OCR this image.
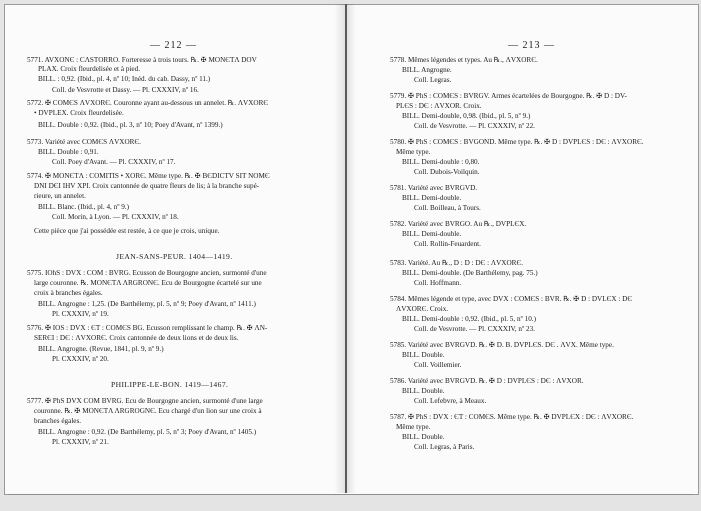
— 212 —
5771. AVXONЄ : CΛSTORRO. Forteresse à trois tours. ℞. ✠ MONЄTΛ DOV
PLAX. Croix fleurdelisée et à pied.
BILL. : 0,92. (Ibid., pl. 4, nº 10; Inéd. du cab. Dassy, nº 11.)
Coll. de Vesvrotte et Dassy. — Pl. CXXXIV, nº 16.
5772. ✠ COMЄS ΛVXORЄ. Couronne ayant au-dessous un annelet. ℞. ΛVXORЄ
• DVPLEX. Croix fleurdelisée.
BILL. Double : 0,92. (Ibid., pl. 3, nº 10; Poey d'Avant, nº 1399.)
5773. Variété avec COMЄS ΛVXORЄ.
BILL. Double : 0,91.
Coll. Poey d'Avant. — Pl. CXXXIV, nº 17.
5774. ✠ MONЄTΛ : COMITIS • XORЄ. Même type. ℞. ✠ BЄDICTV SIT NOMЄ
DNI DЄI IHV XPI. Croix cantonnée de quatre fleurs de lis; à la branche supé-
rieure, un annelet.
BILL. Blanc. (Ibid., pl. 4, nº 9.)
Coll. Morin, à Lyon. — Pl. CXXXIV, nº 18.
Cette pièce que j'ai possédée est restée, à ce que je crois, unique.
JEAN-SANS-PEUR. 1404—1419.
5775. IOhS : DVX : COM : BVRG. Ecusson de Bourgogne ancien, surmonté d'une
large couronne. ℞. MONЄTΛ ΛRGRONЄ. Ecu de Bourgogne écartelé sur une
croix à branches égales.
BILL. Angrogne : 1,25. (De Barthélemy, pl. 5, nº 9; Poey d'Avant, nº 1411.)
Pl. CXXXIV, nº 19.
5776. ✠ IOS : DVX : ЄT : COMЄS BG. Ecusson remplissant le champ. ℞. ✠ ΛN-
SERЄI : DЄ : ΛVXORЄ. Croix cantonnée de deux lions et de deux lis.
BILL. Angrogne. (Revue, 1841, pl. 9, nº 9.)
Pl. CXXXIV, nº 20.
PHILIPPE-LE-BON. 1419—1467.
5777. ✠ PhS DVX COM BVRG. Ecu de Bourgogne ancien, surmonté d'une large
couronne. ℞. ✠ MONЄTΛ ΛRGROGNЄ. Ecu chargé d'un lion sur une croix à
branches égales.
BILL. Angrogne : 0,92. (De Barthélemy, pl. 5, nº 3; Poey d'Avant, nº 1405.)
Pl. CXXXIV, nº 21.
— 213 —
5778. Mêmes légendes et types. Au ℞., ΛVXORЄ.
BILL. Angrogne.
Coll. Legras.
5779. ✠ PhS : COMЄS : BVRGV. Armes écartelées de Bourgogne. ℞. ✠ D : DV-
PLЄS : DЄ : ΛVXOR. Croix.
BILL. Demi-double, 0,98. (Ibid., pl. 5, nº 9.)
Coll. de Vesvrotte. — Pl. CXXXIV, nº 22.
5780. ✠ PhS : COMЄS : BVGOND. Même type. ℞. ✠ D : DVPLЄS : DЄ : ΛVXORЄ.
Même type.
BILL. Demi-double : 0,80.
Coll. Dubois-Voilquin.
5781. Variété avec BVRGVD.
BILL. Demi-double.
Coll. Boilleau, à Tours.
5782. Variété avec BVRGO. Au ℞., DVPLЄX.
BILL. Demi-double.
Coll. Rollin-Feuardent.
5783. Variété. Au ℞., D : D : DЄ : ΛVXORЄ.
BILL. Demi-double. (De Barthélemy, pag. 75.)
Coll. Hoffmann.
5784. Mêmes légende et type, avec DVX : COMЄS : BVR. ℞. ✠ D : DVLЄX : DЄ
ΛVXORЄ. Croix.
BILL. Demi-double : 0,92. (Ibid., pl. 5, nº 10.)
Coll. de Vesvrotte. — Pl. CXXXIV, nº 23.
5785. Variété avec BVRGVD. ℞. ✠ D. B. DVPLЄS. DЄ . ΛVX. Même type.
BILL. Double.
Coll. Voillemier.
5786. Variété avec BVRGVD. ℞. ✠ D : DVPLЄS : DЄ : ΛVXOR.
BILL. Double.
Coll. Lefebvre, à Meaux.
5787. ✠ PhS : DVX : ЄT : COMЄS. Même type. ℞. ✠ DVPLЄX : DЄ : ΛVXORЄ.
Même type.
BILL. Double.
Coll. Legras, à Paris.
